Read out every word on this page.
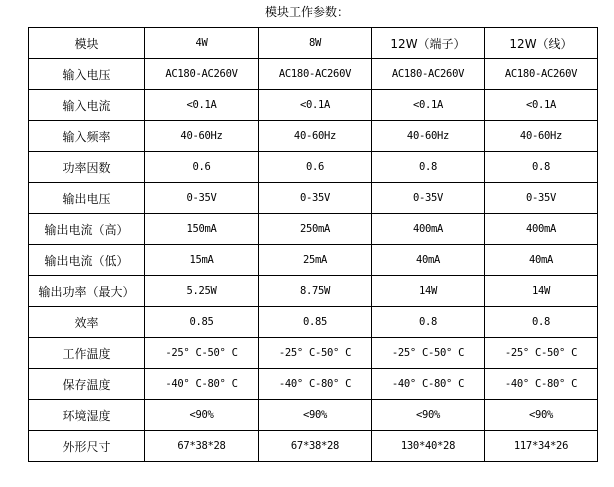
模块工作参数：
模块	4W	8W	12W（端子）	12W（线）
输入电压	AC180-AC260V	AC180-AC260V	AC180-AC260V	AC180-AC260V
输入电流	<0.1A	<0.1A	<0.1A	<0.1A
输入频率	40-60Hz	40-60Hz	40-60Hz	40-60Hz
功率因数	0.6	0.6	0.8	0.8
输出电压	0-35V	0-35V	0-35V	0-35V
输出电流（高）	150mA	250mA	400mA	400mA
输出电流（低）	15mA	25mA	40mA	40mA
输出功率（最大）	5.25W	8.75W	14W	14W
效率	0.85	0.85	0.8	0.8
工作温度	-25° C-50° C	-25° C-50° C	-25° C-50° C	-25° C-50° C
保存温度	-40° C-80° C	-40° C-80° C	-40° C-80° C	-40° C-80° C
环境湿度	<90%	<90%	<90%	<90%
外形尺寸	67*38*28	67*38*28	130*40*28	117*34*26
